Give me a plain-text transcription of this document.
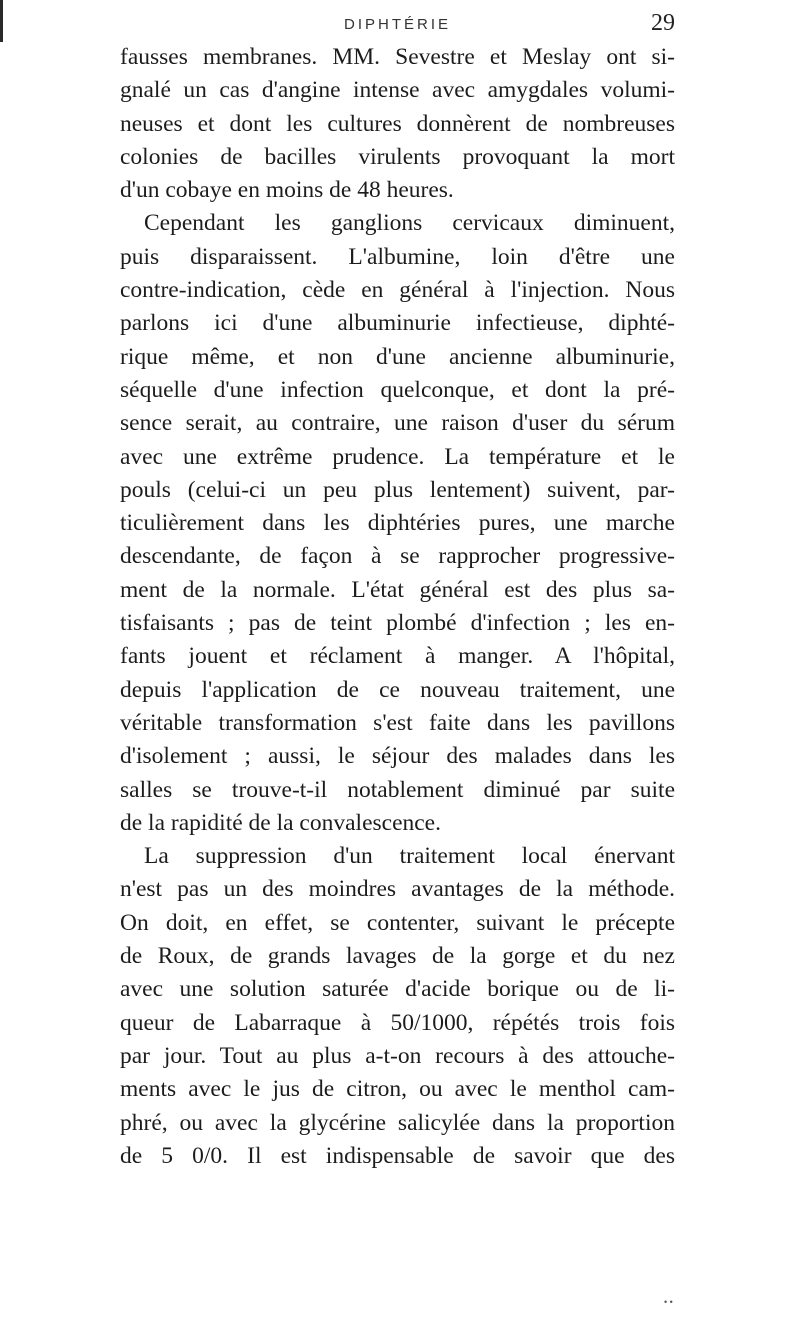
DIPHTÉRIE	29
fausses membranes. MM. Sevestre et Meslay ont si-
gnalé un cas d'angine intense avec amygdales volumi-
neuses et dont les cultures donnèrent de nombreuses
colonies de bacilles virulents provoquant la mort
d'un cobaye en moins de 48 heures.
Cependant les ganglions cervicaux diminuent,
puis disparaissent. L'albumine, loin d'être une
contre-indication, cède en général à l'injection. Nous
parlons ici d'une albuminurie infectieuse, diphté-
rique même, et non d'une ancienne albuminurie,
séquelle d'une infection quelconque, et dont la pré-
sence serait, au contraire, une raison d'user du sérum
avec une extrême prudence. La température et le
pouls (celui-ci un peu plus lentement) suivent, par-
ticulièrement dans les diphtéries pures, une marche
descendante, de façon à se rapprocher progressive-
ment de la normale. L'état général est des plus sa-
tisfaisants ; pas de teint plombé d'infection ; les en-
fants jouent et réclament à manger. A l'hôpital,
depuis l'application de ce nouveau traitement, une
véritable transformation s'est faite dans les pavillons
d'isolement ; aussi, le séjour des malades dans les
salles se trouve-t-il notablement diminué par suite
de la rapidité de la convalescence.
La suppression d'un traitement local énervant
n'est pas un des moindres avantages de la méthode.
On doit, en effet, se contenter, suivant le précepte
de Roux, de grands lavages de la gorge et du nez
avec une solution saturée d'acide borique ou de li-
queur de Labarraque à 50/1000, répétés trois fois
par jour. Tout au plus a-t-on recours à des attouche-
ments avec le jus de citron, ou avec le menthol cam-
phré, ou avec la glycérine salicylée dans la proportion
de 5 0/0. Il est indispensable de savoir que des
• •
